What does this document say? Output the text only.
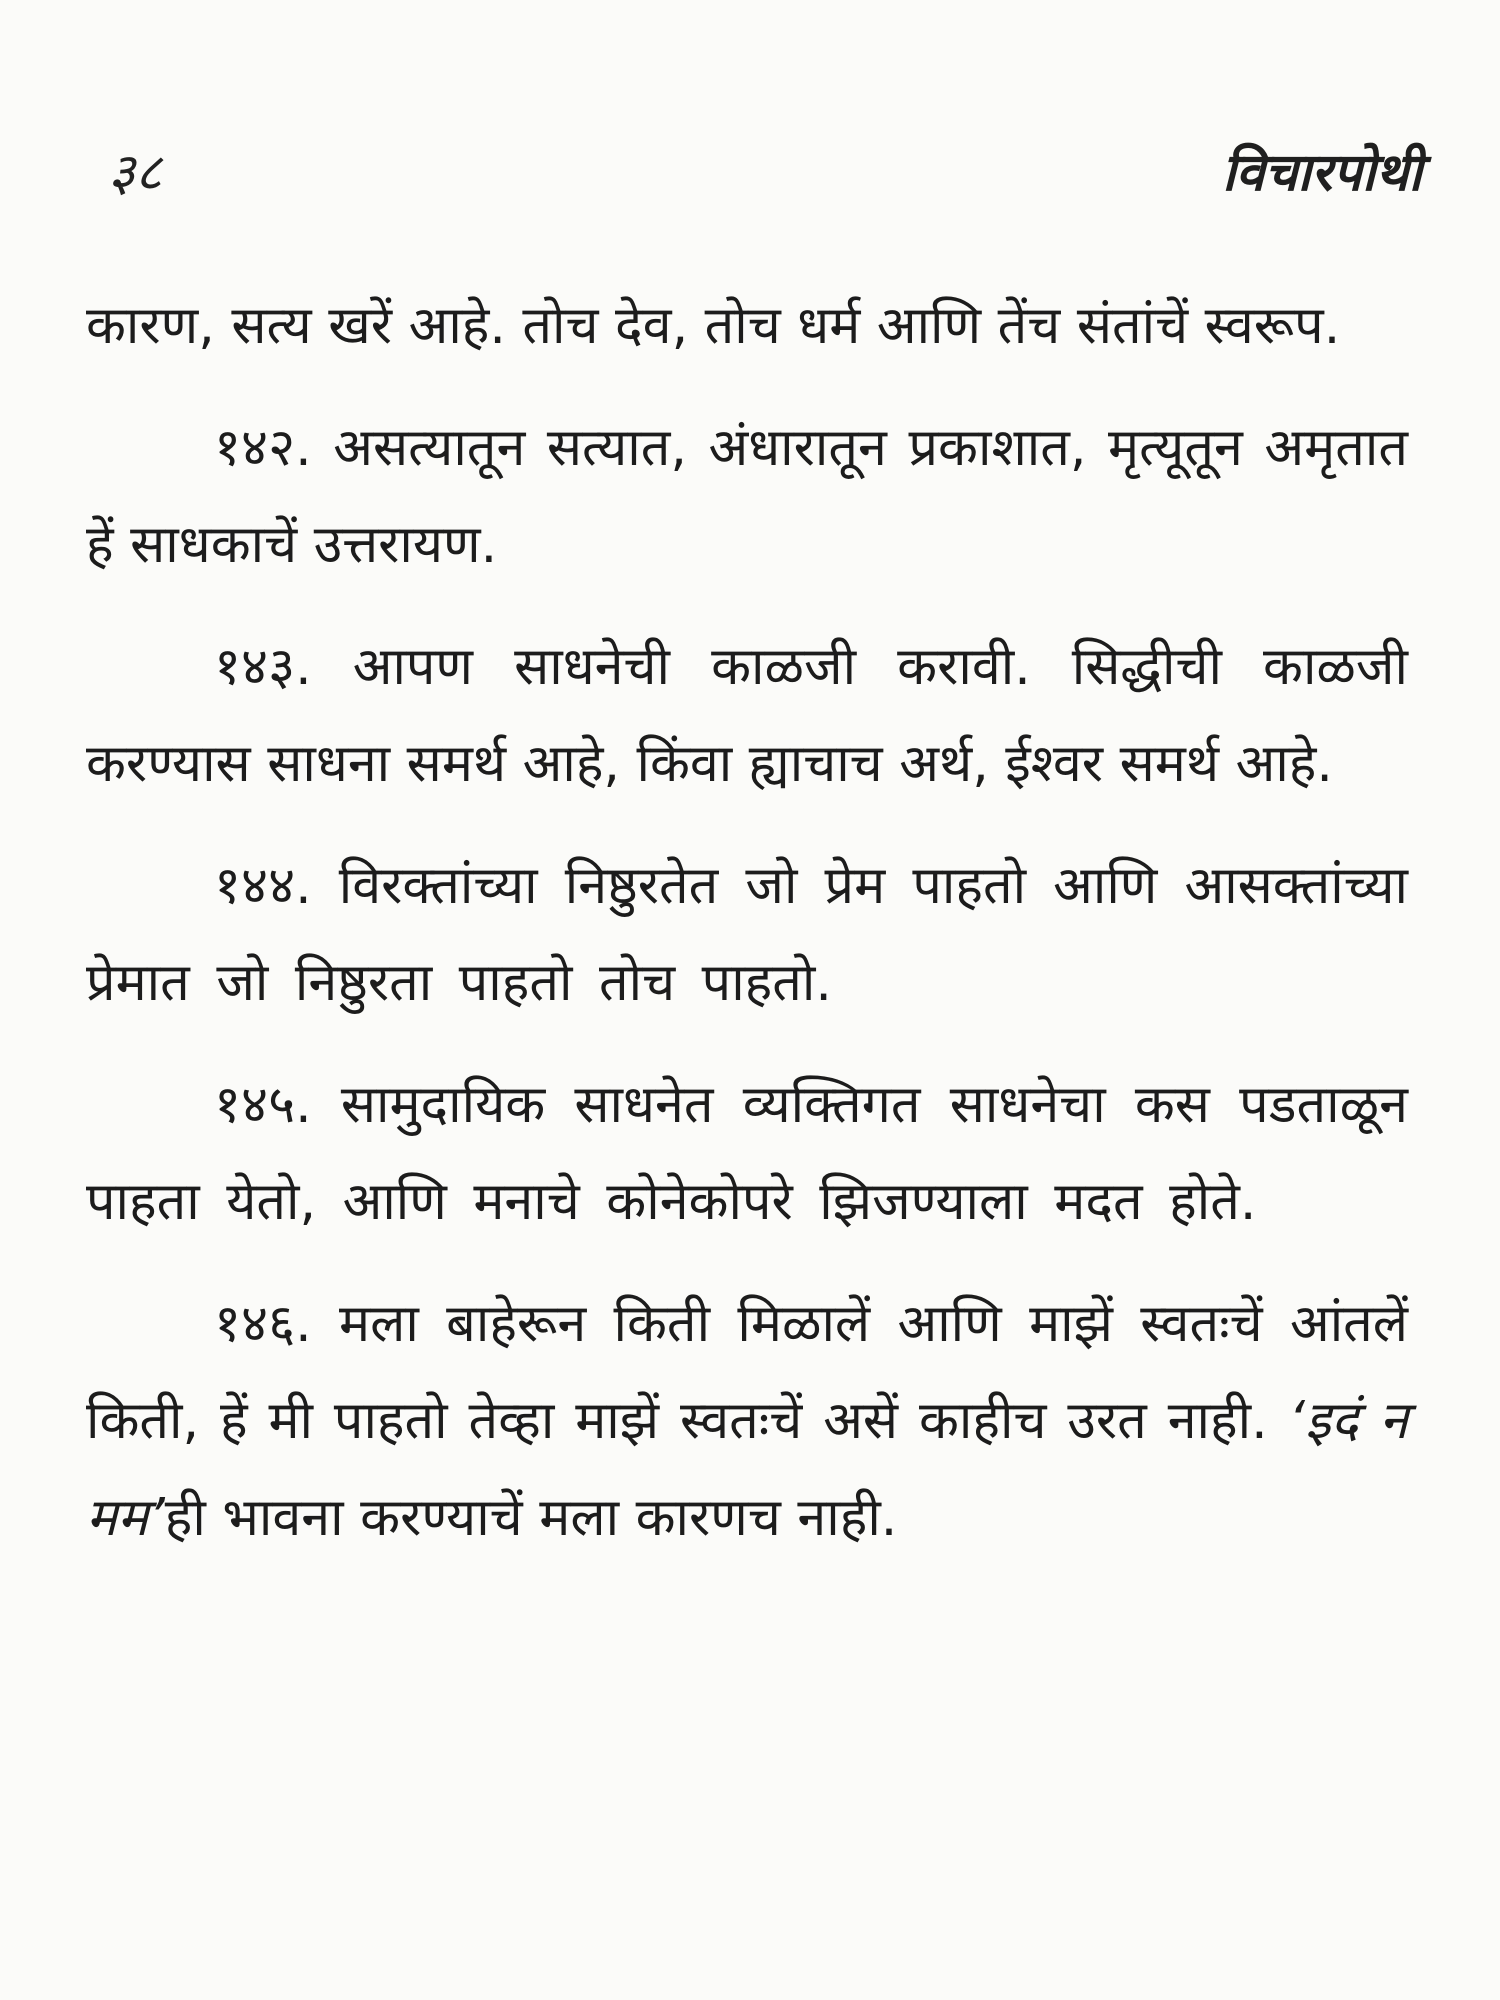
३८	विचारपोथी

कारण, सत्य खरें आहे. तोच देव, तोच धर्म आणि तेंच संतांचें स्वरूप.

१४२. असत्यातून सत्यात, अंधारातून प्रकाशात, मृत्यूतून अमृतात हें साधकाचें उत्तरायण.

१४३. आपण साधनेची काळजी करावी. सिद्धीची काळजी करण्यास साधना समर्थ आहे, किंवा ह्याचाच अर्थ, ईश्वर समर्थ आहे.

१४४. विरक्तांच्या निष्ठुरतेत जो प्रेम पाहतो आणि आसक्तांच्या प्रेमात जो निष्ठुरता पाहतो तोच पाहतो.

१४५. सामुदायिक साधनेत व्यक्तिगत साधनेचा कस पडताळून पाहता येतो, आणि मनाचे कोनेकोपरे झिजण्याला मदत होते.

१४६. मला बाहेरून किती मिळालें आणि माझें स्वतःचें आंतलें किती, हें मी पाहतो तेव्हा माझें स्वतःचें असें काहीच उरत नाही. ‘इदं न मम’ही भावना करण्याचें मला कारणच नाही.
